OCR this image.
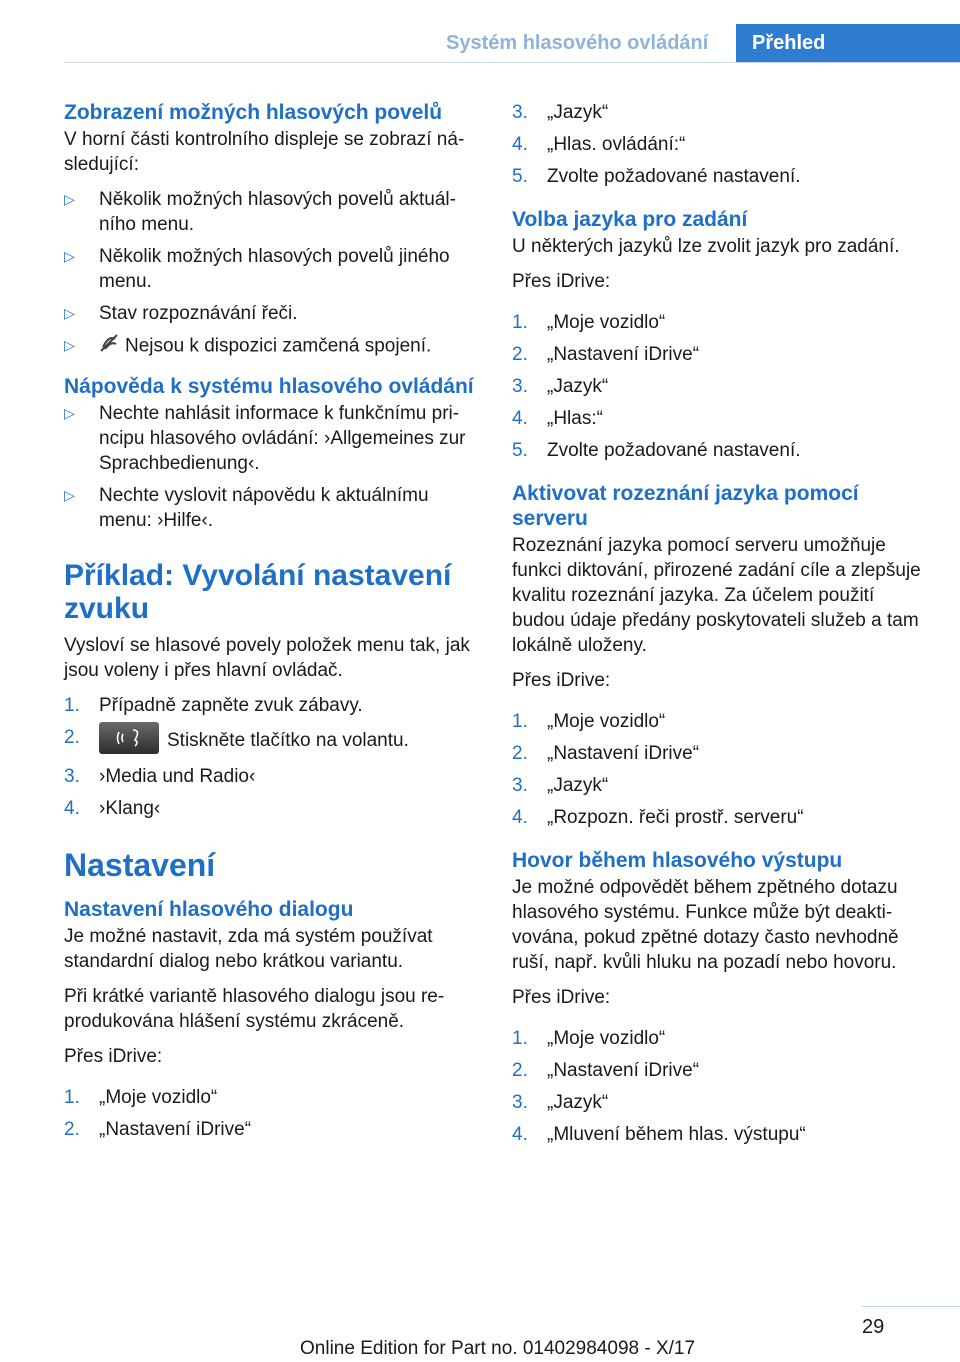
Systém hlasového ovládání	Přehled
Zobrazení možných hlasových povelů

V horní části kontrolního displeje se zobrazí následující:

▷ Několik možných hlasových povelů aktuálního menu.
▷ Několik možných hlasových povelů jiného menu.
▷ Stav rozpoznávání řeči.
▷	Nejsou k dispozici zamčená spojení.
Nápověda k systému hlasového ovládání
▷ Nechte nahlásit informace k funkčnímu principu hlasového ovládání: ›Allgemeines zur Sprachbedienung‹.
▷ Nechte vyslovit nápovědu k aktuálnímu menu: ›Hilfe‹.
Příklad: Vyvolání nastavení zvuku

Vysloví se hlasové povely položek menu tak, jak jsou voleny i přes hlavní ovládač.

1. Případně zapněte zvuk zábavy.
2.	Stiskněte tlačítko na volantu.
3. ›Media und Radio‹
4. ›Klang‹
Nastavení
Nastavení hlasového dialogu

Je možné nastavit, zda má systém používat standardní dialog nebo krátkou variantu.

Při krátké variantě hlasového dialogu jsou reprodukována hlášení systému zkráceně.

Přes iDrive:

1. „Moje vozidlo“
2. „Nastavení iDrive“
3. „Jazyk“
4. „Hlas. ovládání:“
5. Zvolte požadované nastavení.
Volba jazyka pro zadání

U některých jazyků lze zvolit jazyk pro zadání.

Přes iDrive:

1. „Moje vozidlo“
2. „Nastavení iDrive“
3. „Jazyk“
4. „Hlas:“
5. Zvolte požadované nastavení.
Aktivovat rozeznání jazyka pomocí serveru

Rozeznání jazyka pomocí serveru umožňuje funkci diktování, přirozené zadání cíle a zlepšuje kvalitu rozeznání jazyka. Za účelem použití budou údaje předány poskytovateli služeb a tam lokálně uloženy.

Přes iDrive:

1. „Moje vozidlo“
2. „Nastavení iDrive“
3. „Jazyk“
4. „Rozpozn. řeči prostř. serveru“
Hovor během hlasového výstupu

Je možné odpovědět během zpětného dotazu hlasového systému. Funkce může být deaktivována, pokud zpětné dotazy často nevhodně ruší, např. kvůli hluku na pozadí nebo hovoru.

Přes iDrive:

1. „Moje vozidlo“
2. „Nastavení iDrive“
3. „Jazyk“
4. „Mluvení během hlas. výstupu“
29
Online Edition for Part no. 01402984098 - X/17
